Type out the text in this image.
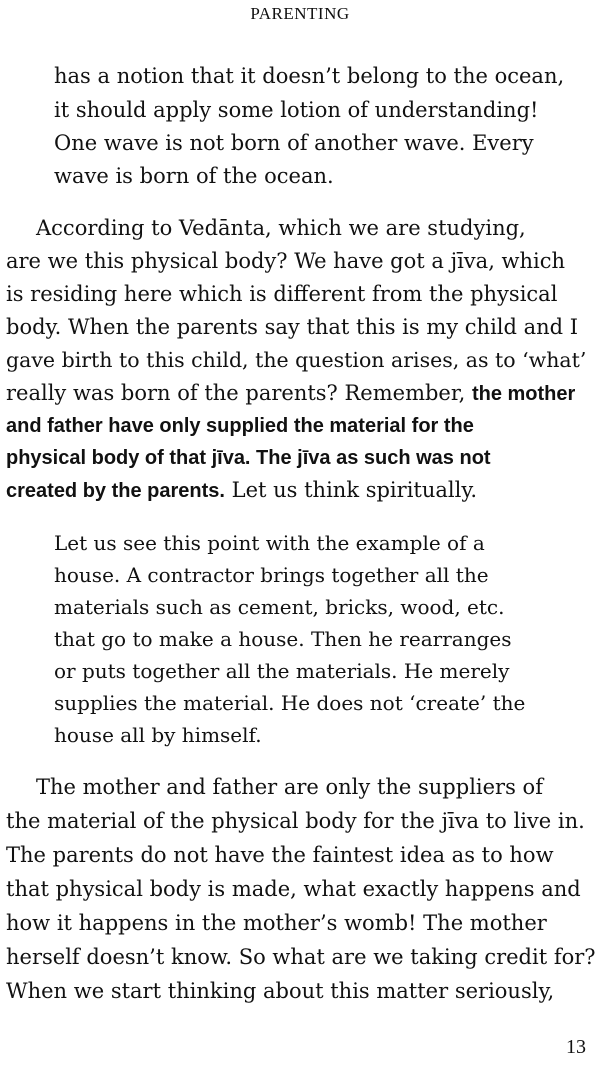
PARENTING
has a notion that it doesn’t belong to the ocean,
it should apply some lotion of understanding!
One wave is not born of another wave. Every
wave is born of the ocean.
According to Vedānta, which we are studying,
are we this physical body? We have got a jīva, which
is residing here which is different from the physical
body. When the parents say that this is my child and I
gave birth to this child, the question arises, as to ‘what’
really was born of the parents? Remember, the mother
and father have only supplied the material for the
physical body of that jīva. The jīva as such was not
created by the parents. Let us think spiritually.
Let us see this point with the example of a
house. A contractor brings together all the
materials such as cement, bricks, wood, etc.
that go to make a house. Then he rearranges
or puts together all the materials. He merely
supplies the material. He does not ‘create’ the
house all by himself.
The mother and father are only the suppliers of
the material of the physical body for the jīva to live in.
The parents do not have the faintest idea as to how
that physical body is made, what exactly happens and
how it happens in the mother’s womb! The mother
herself doesn’t know. So what are we taking credit for?
When we start thinking about this matter seriously,
13
